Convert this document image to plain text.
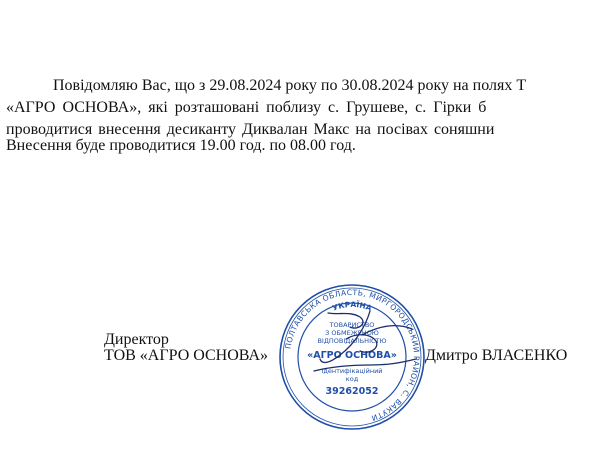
Повідомляю Вас, що з 29.08.2024 року по 30.08.2024 року на полях Т
«АГРО ОСНОВА», які розташовані поблизу с. Грушеве, с. Гірки б
проводитися внесення десиканту Диквалан Макс на посівах соняшни
Внесення буде проводитися 19.00 год. по 08.00 год.
Директор
ТОВ «АГРО ОСНОВА»	Дмитро ВЛАСЕНКО
ПОЛТАВСЬКА ОБЛАСТЬ, МИРГОРОДСЬКИЙ РАЙОН, С. ВАКУТИ
УКРАЇНА
ТОВАРИСТВО
З ОБМЕЖЕНОЮ
ВІДПОВІДАЛЬНІСТЮ
«АГРО ОСНОВА»
Ідентифікаційний
код
39262052
